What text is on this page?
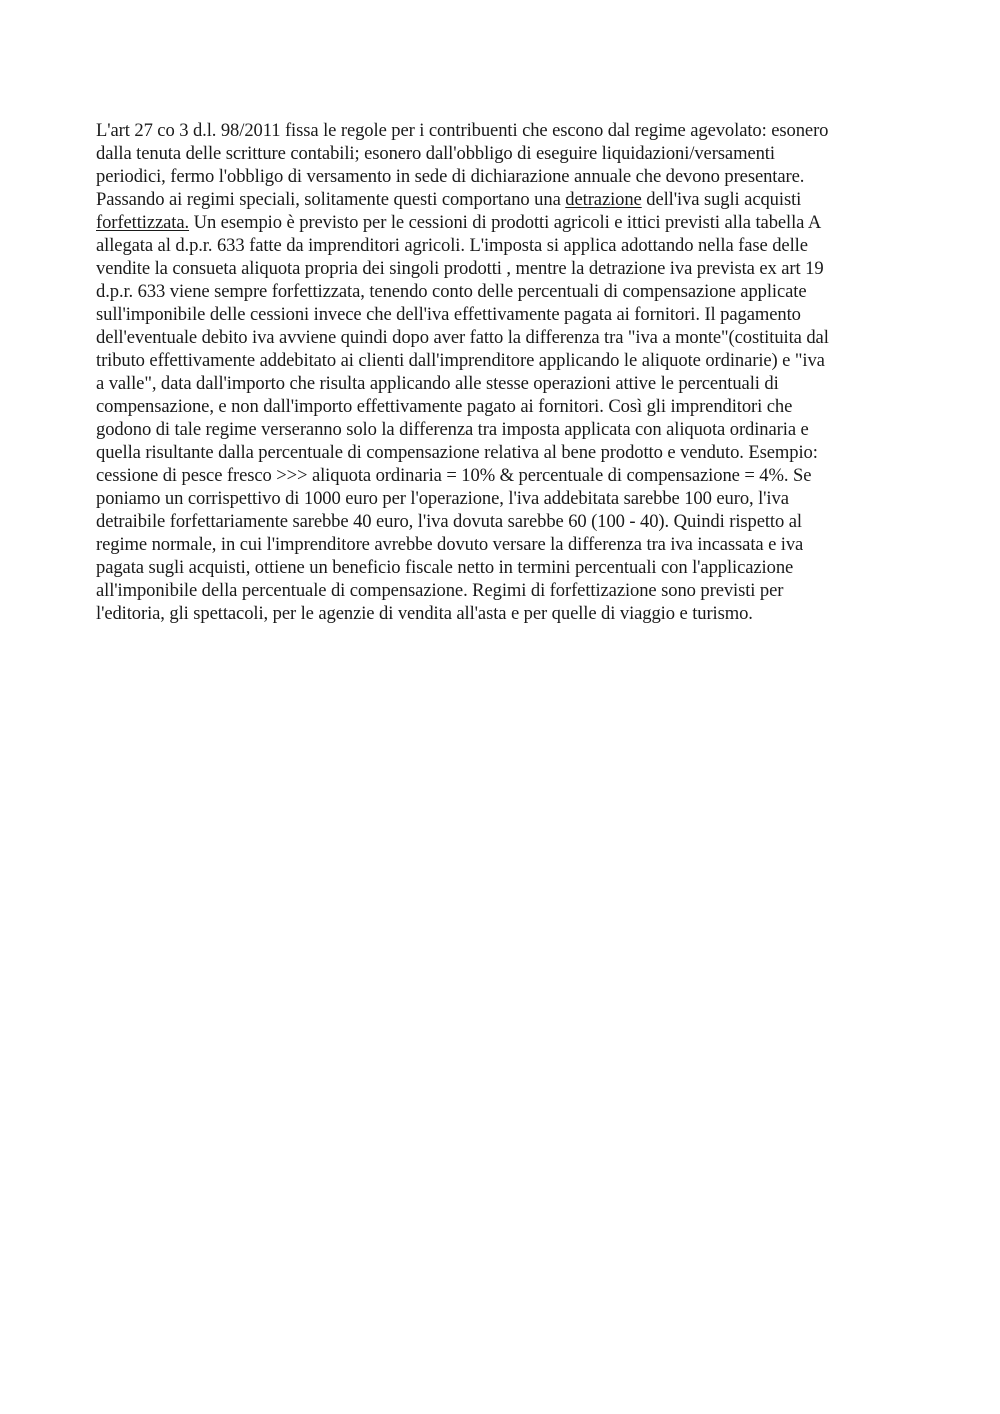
L'art 27 co 3 d.l. 98/2011 fissa le regole per i contribuenti che escono dal regime agevolato: esonero
dalla tenuta delle scritture contabili; esonero dall'obbligo di eseguire liquidazioni/versamenti
periodici, fermo l'obbligo di versamento in sede di dichiarazione annuale che devono presentare.
Passando ai regimi speciali, solitamente questi comportano una detrazione dell'iva sugli acquisti
forfettizzata. Un esempio è previsto per le cessioni di prodotti agricoli e ittici previsti alla tabella A
allegata al d.p.r. 633 fatte da imprenditori agricoli. L'imposta si applica adottando nella fase delle
vendite la consueta aliquota propria dei singoli prodotti , mentre la detrazione iva prevista ex art 19
d.p.r. 633 viene sempre forfettizzata, tenendo conto delle percentuali di compensazione applicate
sull'imponibile delle cessioni invece che dell'iva effettivamente pagata ai fornitori. Il pagamento
dell'eventuale debito iva avviene quindi dopo aver fatto la differenza tra "iva a monte"(costituita dal
tributo effettivamente addebitato ai clienti dall'imprenditore applicando le aliquote ordinarie) e "iva
a valle", data dall'importo che risulta applicando alle stesse operazioni attive le percentuali di
compensazione, e non dall'importo effettivamente pagato ai fornitori. Così gli imprenditori che
godono di tale regime verseranno solo la differenza tra imposta applicata con aliquota ordinaria e
quella risultante dalla percentuale di compensazione relativa al bene prodotto e venduto. Esempio:
cessione di pesce fresco >>> aliquota ordinaria = 10% & percentuale di compensazione = 4%. Se
poniamo un corrispettivo di 1000 euro per l'operazione, l'iva addebitata sarebbe 100 euro, l'iva
detraibile forfettariamente sarebbe 40 euro, l'iva dovuta sarebbe 60 (100 - 40). Quindi rispetto al
regime normale, in cui l'imprenditore avrebbe dovuto versare la differenza tra iva incassata e iva
pagata sugli acquisti, ottiene un beneficio fiscale netto in termini percentuali con l'applicazione
all'imponibile della percentuale di compensazione. Regimi di forfettizazione sono previsti per
l'editoria, gli spettacoli, per le agenzie di vendita all'asta e per quelle di viaggio e turismo.
